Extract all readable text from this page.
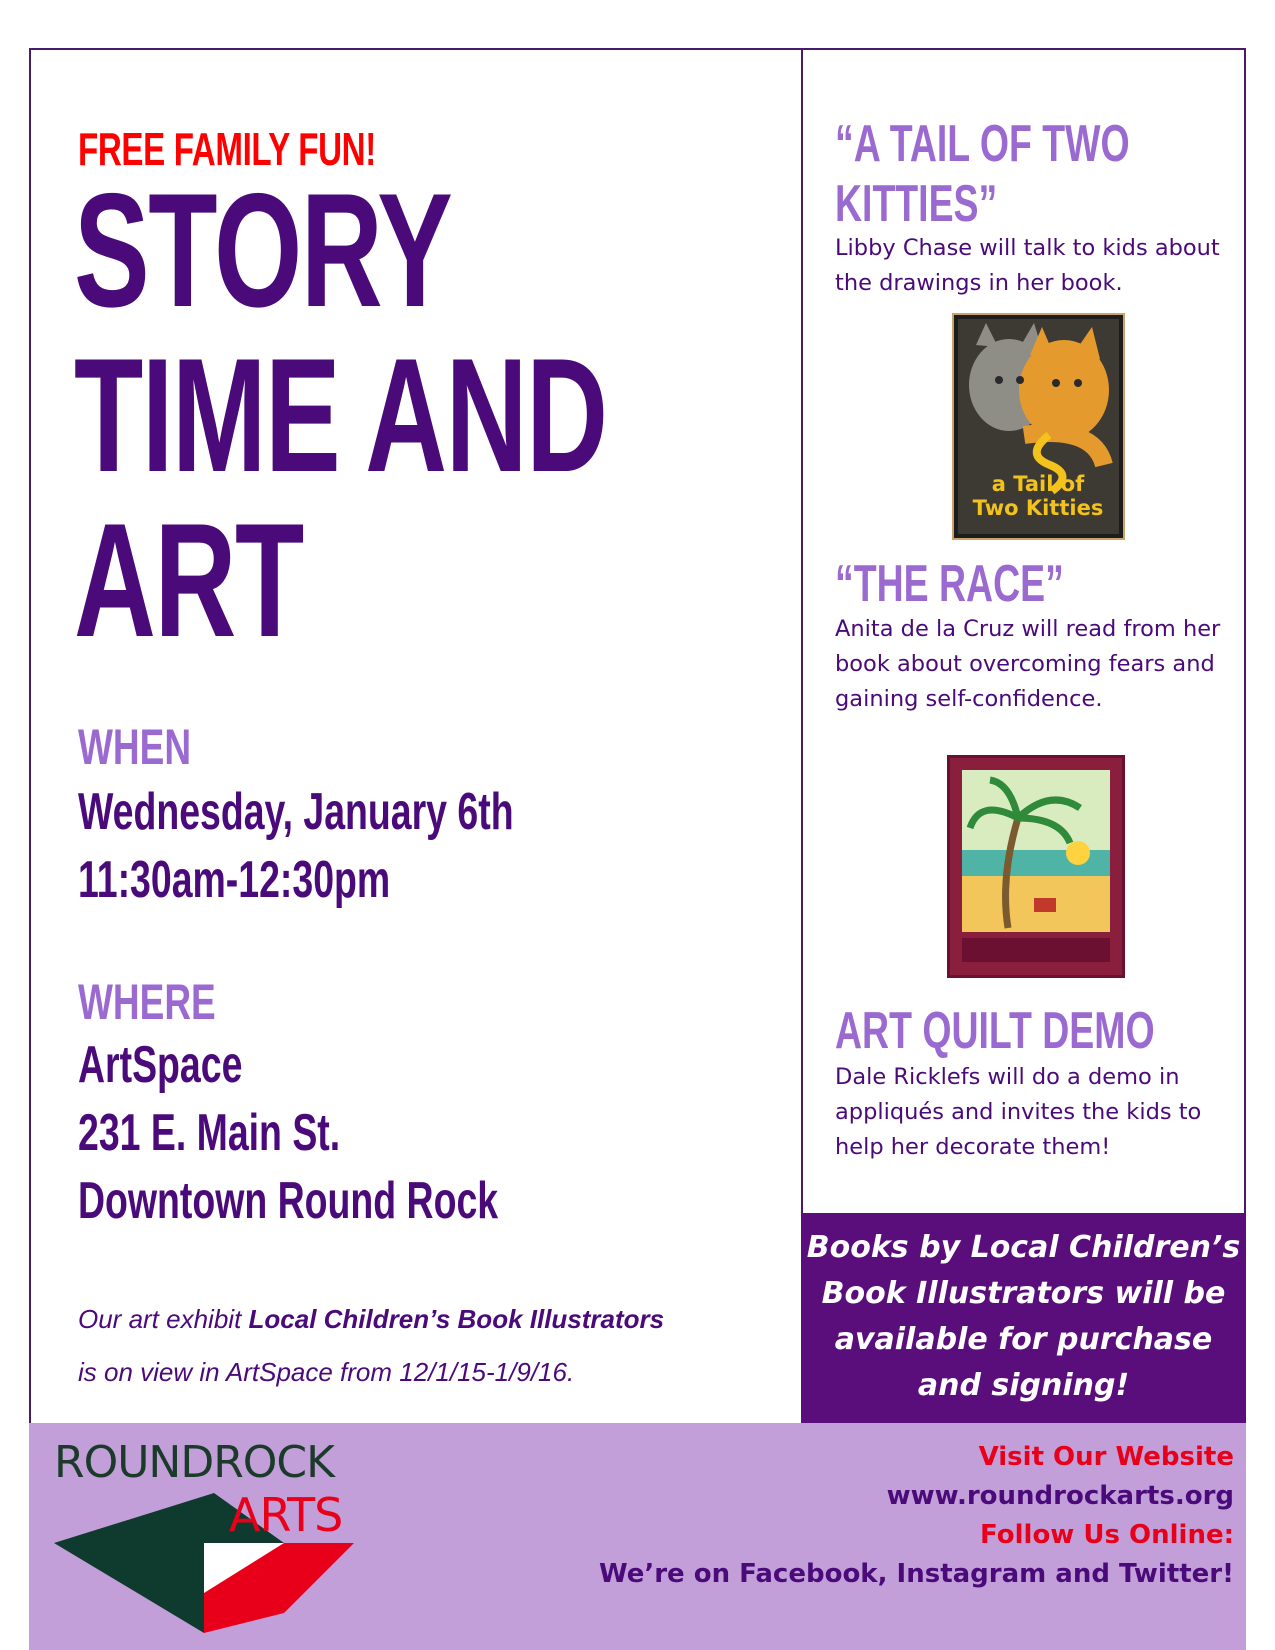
FREE FAMILY FUN!
STORY
TIME AND
ART
WHEN
Wednesday, January 6th
11:30am-12:30pm
WHERE
ArtSpace
231 E. Main St.
Downtown Round Rock
Our art exhibit Local Children’s Book Illustrators
is on view in ArtSpace from 12/1/15-1/9/16.
“A TAIL OF TWO
KITTIES”
Libby Chase will talk to kids about the drawings in her book.
a Tail of
Two Kitties
“THE RACE”
Anita de la Cruz will read from her book about overcoming fears and gaining self-confidence.
ART QUILT DEMO
Dale Ricklefs will do a demo in appliqués and invites the kids to help her decorate them!
Books by Local Children’s Book Illustrators will be available for purchase and signing!
ROUNDROCK
ARTS
Visit Our Website
www.roundrockarts.org
Follow Us Online:
We’re on Facebook, Instagram and Twitter!
